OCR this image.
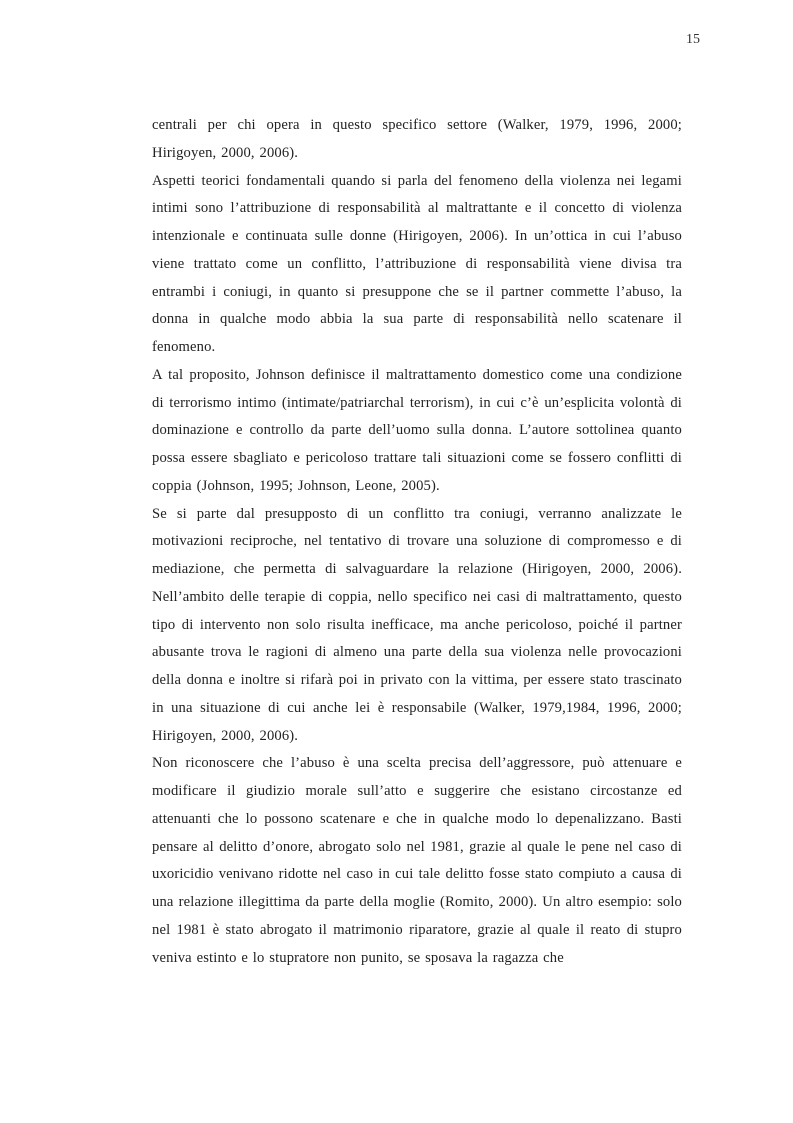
15

centrali per chi opera in questo specifico settore (Walker, 1979, 1996, 2000; Hirigoyen, 2000, 2006).

Aspetti teorici fondamentali quando si parla del fenomeno della violenza nei legami intimi sono l’attribuzione di responsabilità al maltrattante e il concetto di violenza intenzionale e continuata sulle donne (Hirigoyen, 2006). In un’ottica in cui l’abuso viene trattato come un conflitto, l’attribuzione di responsabilità viene divisa tra entrambi i coniugi, in quanto si presuppone che se il partner commette l’abuso, la donna in qualche modo abbia la sua parte di responsabilità nello scatenare il fenomeno.

A tal proposito, Johnson definisce il maltrattamento domestico come una condizione di terrorismo intimo (intimate/patriarchal terrorism), in cui c’è un’esplicita volontà di dominazione e controllo da parte dell’uomo sulla donna. L’autore sottolinea quanto possa essere sbagliato e pericoloso trattare tali situazioni come se fossero conflitti di coppia (Johnson, 1995; Johnson, Leone, 2005).

Se si parte dal presupposto di un conflitto tra coniugi, verranno analizzate le motivazioni reciproche, nel tentativo di trovare una soluzione di compromesso e di mediazione, che permetta di salvaguardare la relazione (Hirigoyen, 2000, 2006). Nell’ambito delle terapie di coppia, nello specifico nei casi di maltrattamento, questo tipo di intervento non solo risulta inefficace, ma anche pericoloso, poiché il partner abusante trova le ragioni di almeno una parte della sua violenza nelle provocazioni della donna e inoltre si rifarà poi in privato con la vittima, per essere stato trascinato in una situazione di cui anche lei è responsabile (Walker, 1979,1984, 1996, 2000; Hirigoyen, 2000, 2006).

Non riconoscere che l’abuso è una scelta precisa dell’aggressore, può attenuare e modificare il giudizio morale sull’atto e suggerire che esistano circostanze ed attenuanti che lo possono scatenare e che in qualche modo lo depenalizzano. Basti pensare al delitto d’onore, abrogato solo nel 1981, grazie al quale le pene nel caso di uxoricidio venivano ridotte nel caso in cui tale delitto fosse stato compiuto a causa di una relazione illegittima da parte della moglie (Romito, 2000). Un altro esempio: solo nel 1981 è stato abrogato il matrimonio riparatore, grazie al quale il reato di stupro veniva estinto e lo stupratore non punito, se sposava la ragazza che
